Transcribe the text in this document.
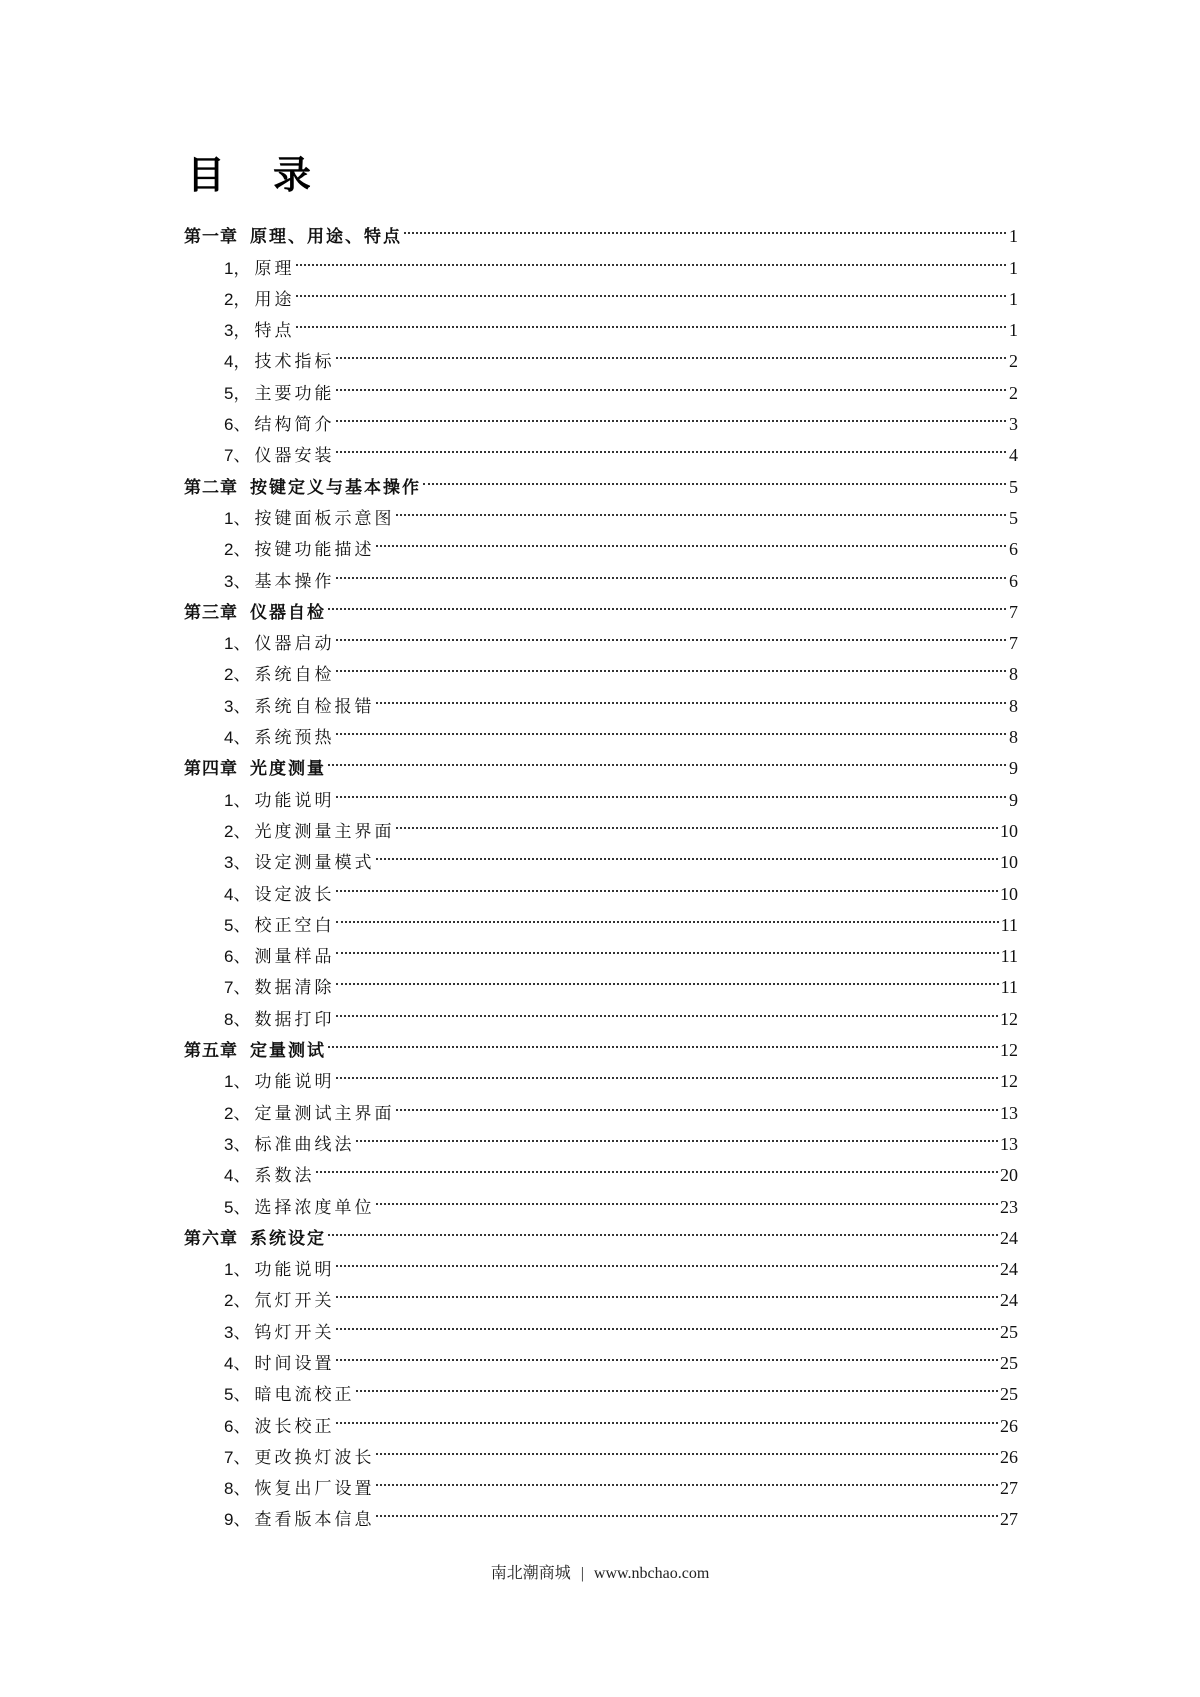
目 录
第一章 原理、用途、特点	1
1 ， 原理	1
2 ， 用途	1
3 ， 特点	1
4 ， 技术指标	2
5 ， 主要功能	2
6 、 结构简介	3
7 、 仪器安装	4
第二章 按键定义与基本操作	5
1 、 按键面板示意图	5
2 、 按键功能描述	6
3 、 基本操作	6
第三章 仪器自检	7
1 、 仪器启动	7
2 、 系统自检	8
3 、 系统自检报错	8
4 、 系统预热	8
第四章 光度测量	9
1 、 功能说明	9
2 、 光度测量主界面	10
3 、 设定测量模式	10
4 、 设定波长	10
5 、 校正空白	11
6 、 测量样品	11
7 、 数据清除	11
8 、 数据打印	12
第五章 定量测试	12
1 、 功能说明	12
2 、 定量测试主界面	13
3 、 标准曲线法	13
4 、 系数法	20
5 、 选择浓度单位	23
第六章 系统设定	24
1 、 功能说明	24
2 、 氘灯开关	24
3 、 钨灯开关	25
4 、 时间设置	25
5 、 暗电流校正	25
6 、 波长校正	26
7 、 更改换灯波长	26
8 、 恢复出厂设置	27
9 、 查看版本信息	27
南北潮商城 | www.nbchao.com
